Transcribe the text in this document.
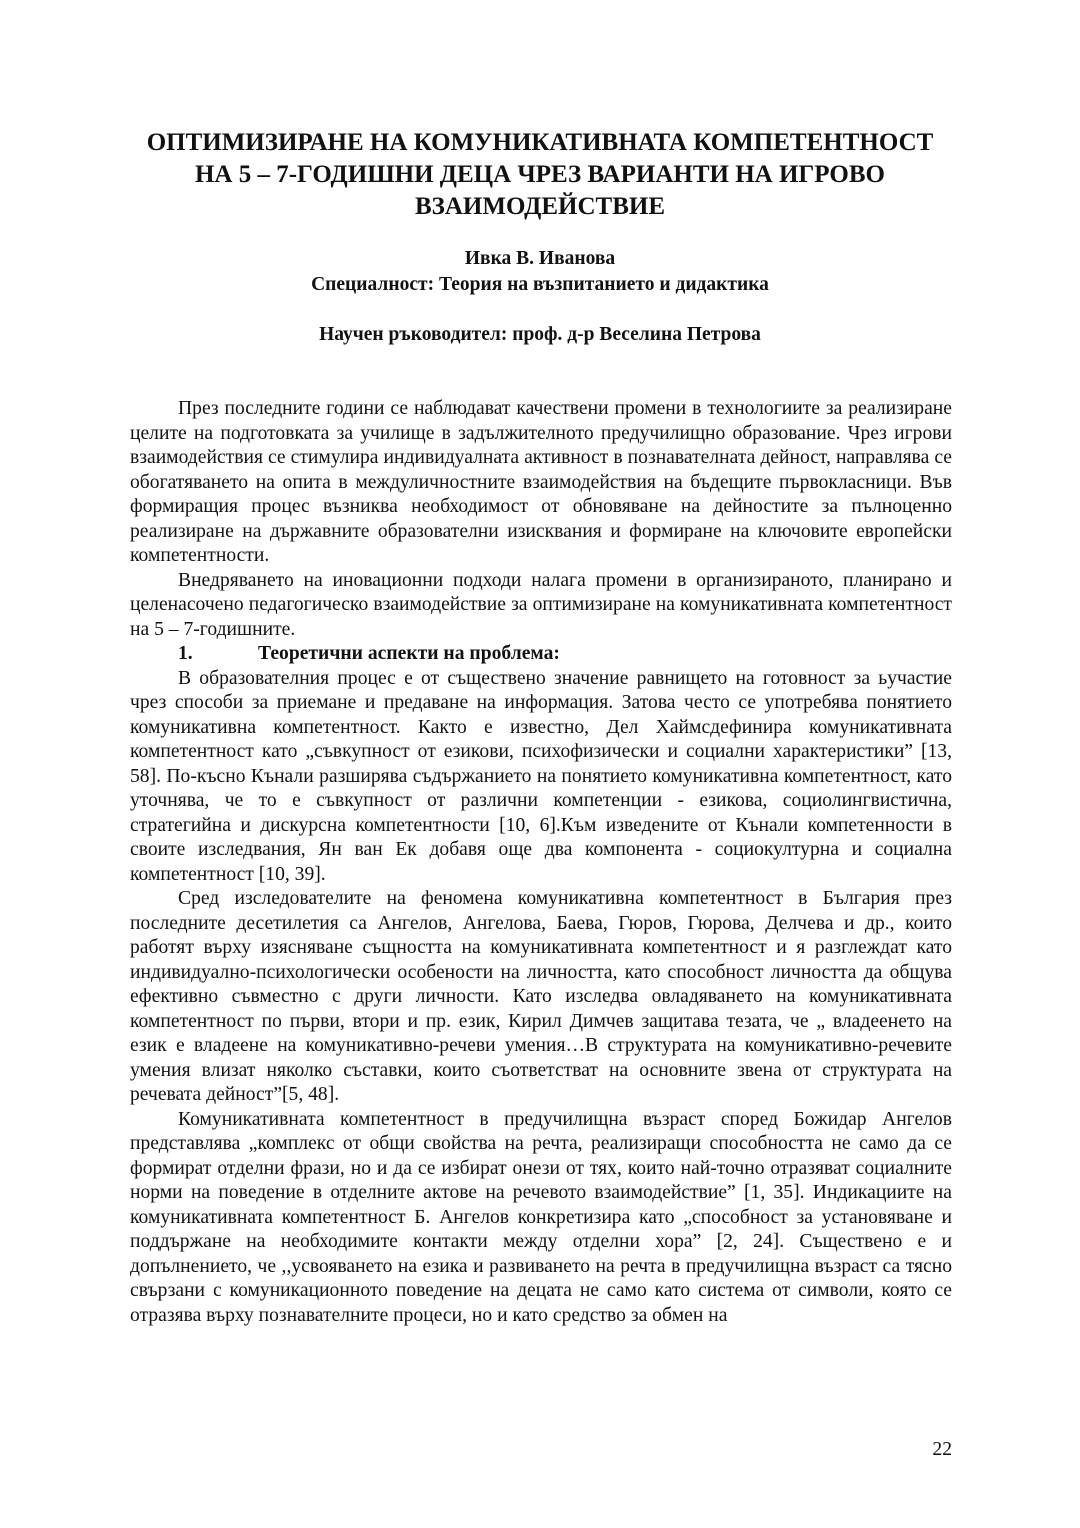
ОПТИМИЗИРАНЕ НА КОМУНИКАТИВНАТА КОМПЕТЕНТНОСТ
НА 5 – 7-ГОДИШНИ ДЕЦА ЧРЕЗ ВАРИАНТИ НА ИГРОВО
ВЗАИМОДЕЙСТВИЕ
Ивка В. Иванова
Специалност: Теория на възпитанието и дидактика
Научен ръководител: проф. д-р Веселина Петрова

През последните години се наблюдават качествени промени в технологиите за реализиране целите на подготовката за училище в задължителното предучилищно образование. Чрез игрови взаимодействия се стимулира индивидуалната активност в познавателната дейност, направлява се обогатяването на опита в междуличностните взаимодействия на бъдещите първокласници. Във формиращия процес възниква необходимост от обновяване на дейностите за пълноценно реализиране на държавните образователни изисквания и формиране на ключовите европейски компетентности.

Внедряването на иновационни подходи налага промени в организираното, планирано и целенасочено педагогическо взаимодействие за оптимизиране на комуникативната компетентност на 5 – 7-годишните.

1.	Теоретични аспекти на проблема:

В образователния процес е от съществено значение равнището на готовност за ьучастие чрез способи за приемане и предаване на информация. Затова често се употребява понятието комуникативна компетентност. Както е известно, Дел Хаймсдефинира комуникативната компетентност като „съвкупност от езикови, психофизически и социални характеристики” [13, 58]. По-късно Кънали разширява съдържанието на понятието комуникативна компетентност, като уточнява, че то е съвкупност от различни компетенции - езикова, социолингвистична, стратегийна и дискурсна компетентности [10, 6].Към изведените от Кънали компетенности в своите изследвания, Ян ван Ек добавя още два компонента - социокултурна и социална компетентност [10, 39].

Сред изследователите на феномена комуникативна компетентност в България през последните десетилетия са Ангелов, Ангелова, Баева, Гюров, Гюрова, Делчева и др., които работят върху изясняване същността на комуникативната компетентност и я разглеждат като индивидуално-психологически особености на личността, като способност личността да общува ефективно съвместно с други личности. Като изследва овладяването на комуникативната компетентност по първи, втори и пр. език, Кирил Димчев защитава тезата, че „ владеенето на език е владеене на комуникативно-речеви умения…В структурата на комуникативно-речевите умения влизат няколко съставки, които съответстват на основните звена от структурата на речевата дейност”[5, 48].

Комуникативната компетентност в предучилищна възраст според Божидар Ангелов представлява „комплекс от общи свойства на речта, реализиращи способността не само да се формират отделни фрази, но и да се избират онези от тях, които най-точно отразяват социалните норми на поведение в отделните актове на речевото взаимодействие” [1, 35]. Индикациите на комуникативната компетентност Б. Ангелов конкретизира като „способност за установяване и поддържане на необходимите контакти между отделни хора” [2, 24]. Съществено е и допълнението, че ,,усвояването на езика и развиването на речта в предучилищна възраст са тясно свързани с комуникационното поведение на децата не само като система от символи, която се отразява върху познавателните процеси, но и като средство за обмен на

22
